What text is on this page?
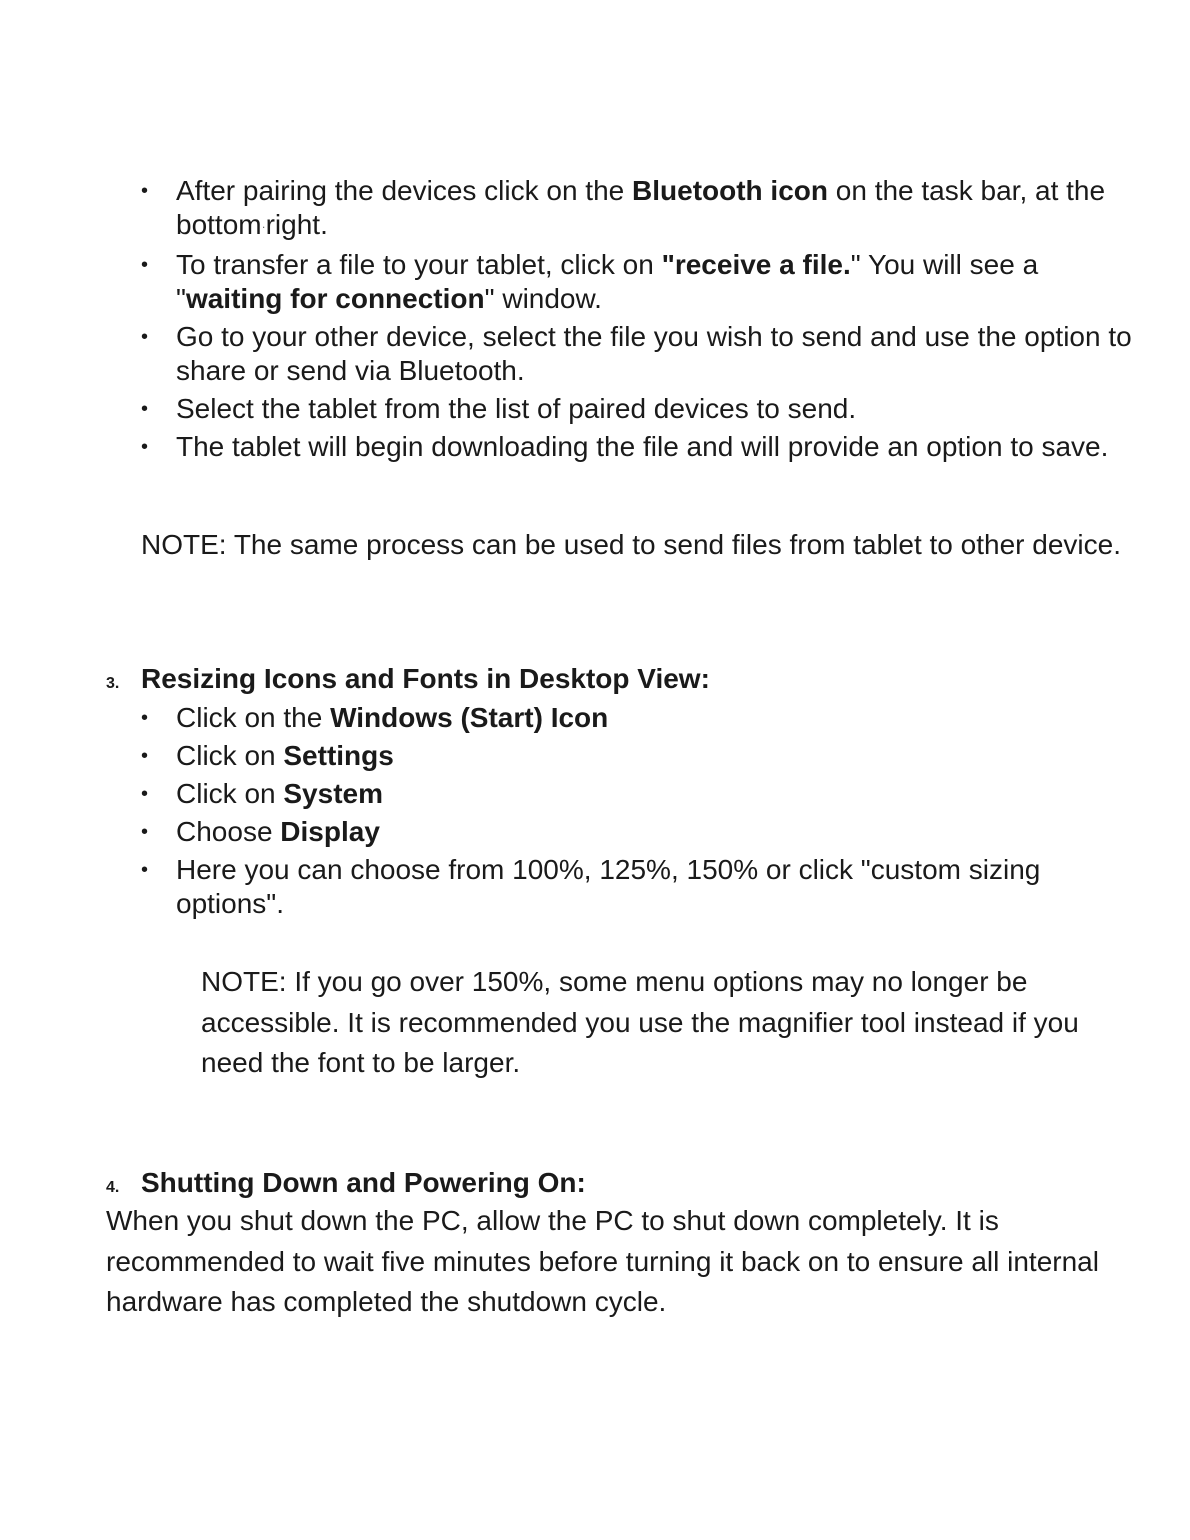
• After pairing the devices click on the Bluetooth icon on the task bar, at the bottom·right.
• To transfer a file to your tablet, click on "receive a file." You will see a "waiting for connection" window.
• Go to your other device, select the file you wish to send and use the option to share or send via Bluetooth.
• Select the tablet from the list of paired devices to send.
• The tablet will begin downloading the file and will provide an option to save.
NOTE: The same process can be used to send files from tablet to other device.
3. Resizing Icons and Fonts in Desktop View:
• Click on the Windows (Start) Icon
• Click on Settings
• Click on System
• Choose Display
• Here you can choose from 100%, 125%, 150% or click "custom sizing options".
NOTE: If you go over 150%, some menu options may no longer be accessible. It is recommended you use the magnifier tool instead if you need the font to be larger.
4. Shutting Down and Powering On:
When you shut down the PC, allow the PC to shut down completely. It is recommended to wait five minutes before turning it back on to ensure all internal hardware has completed the shutdown cycle.
